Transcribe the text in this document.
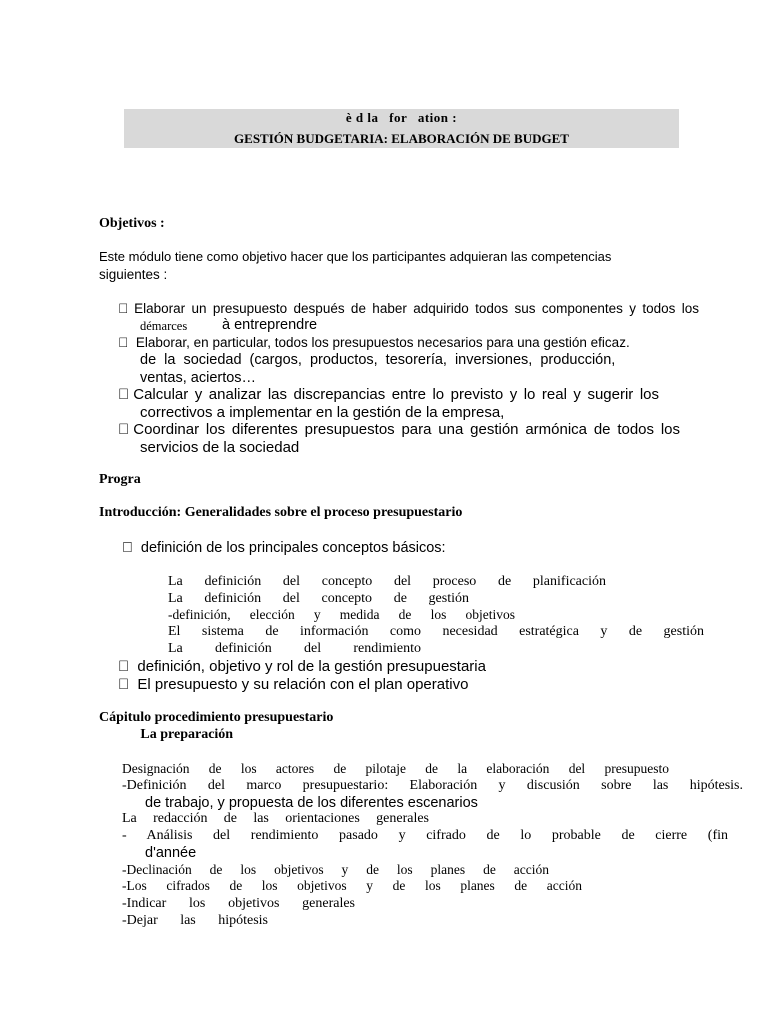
è d la for ation :
GESTIÓN BUDGETARIA: ELABORACIÓN DE BUDGET
Objetivos :
Este módulo tiene como objetivo hacer que los participantes adquieran las competencias
siguientes :
Elaborar un presupuesto después de haber adquirido todos sus componentes y todos los
démarces à entreprendre
Elaborar, en particular, todos los presupuestos necesarios para una gestión eficaz.
de la sociedad (cargos, productos, tesorería, inversiones, producción,
ventas, aciertos…
Calcular y analizar las discrepancias entre lo previsto y lo real y sugerir los
correctivos a implementar en la gestión de la empresa,
Coordinar los diferentes presupuestos para una gestión armónica de todos los
servicios de la sociedad
Progra
Introducción: Generalidades sobre el proceso presupuestario
definición de los principales conceptos básicos:
La definición del concepto del proceso de planificación
La definición del concepto de gestión
-definición, elección y medida de los objetivos
El sistema de información como necesidad estratégica y de gestión
La definición del rendimiento
definición, objetivo y rol de la gestión presupuestaria
El presupuesto y su relación con el plan operativo
Cápitulo procedimiento presupuestario
La preparación
Designación de los actores de pilotaje de la elaboración del presupuesto
-Definición del marco presupuestario: Elaboración y discusión sobre las hipótesis.
de trabajo, y propuesta de los diferentes escenarios
La redacción de las orientaciones generales
- Análisis del rendimiento pasado y cifrado de lo probable de cierre (fin
d'année
-Declinación de los objetivos y de los planes de acción
-Los cifrados de los objetivos y de los planes de acción
-Indicar los objetivos generales
-Dejar las hipótesis
